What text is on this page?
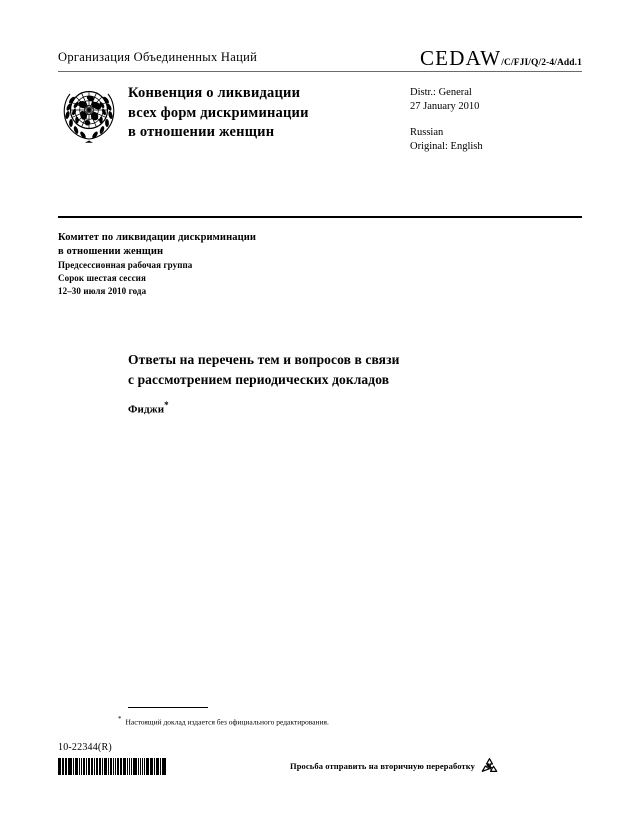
Организация Объединенных Наций	CEDAW /C/FJI/Q/2-4/Add.1
Конвенция о ликвидации
всех форм дискриминации
в отношении женщин
Distr.: General
27 January 2010
Russian
Original: English
Комитет по ликвидации дискриминации
в отношении женщин
Предсессионная рабочая группа
Сорок шестая сессия
12–30 июля 2010 года
Ответы на перечень тем и вопросов в связи
с рассмотрением периодических докладов
Фиджи*
* Настоящий доклад издается без официального редактирования.
10-22344(R)
Просьба отправить на вторичную переработку
